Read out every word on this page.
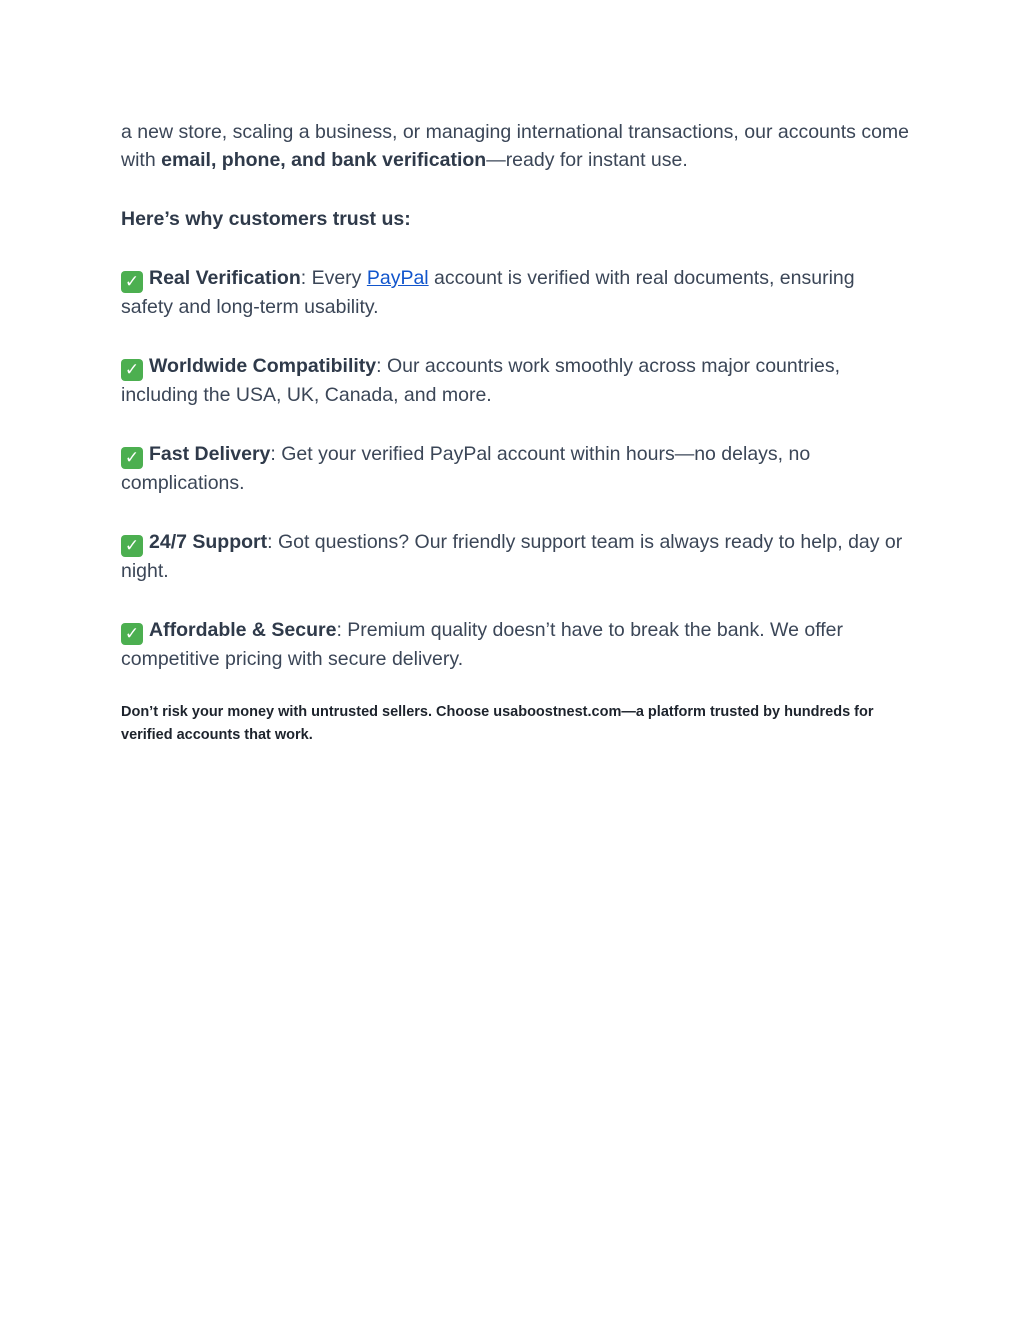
a new store, scaling a business, or managing international transactions, our accounts come with email, phone, and bank verification—ready for instant use.

Here’s why customers trust us:

✓ Real Verification: Every PayPal account is verified with real documents, ensuring safety and long-term usability.

✓ Worldwide Compatibility: Our accounts work smoothly across major countries, including the USA, UK, Canada, and more.

✓ Fast Delivery: Get your verified PayPal account within hours—no delays, no complications.

✓ 24/7 Support: Got questions? Our friendly support team is always ready to help, day or night.

✓ Affordable & Secure: Premium quality doesn’t have to break the bank. We offer competitive pricing with secure delivery.

Don’t risk your money with untrusted sellers. Choose usaboostnest.com—a platform trusted by hundreds for verified accounts that work.
